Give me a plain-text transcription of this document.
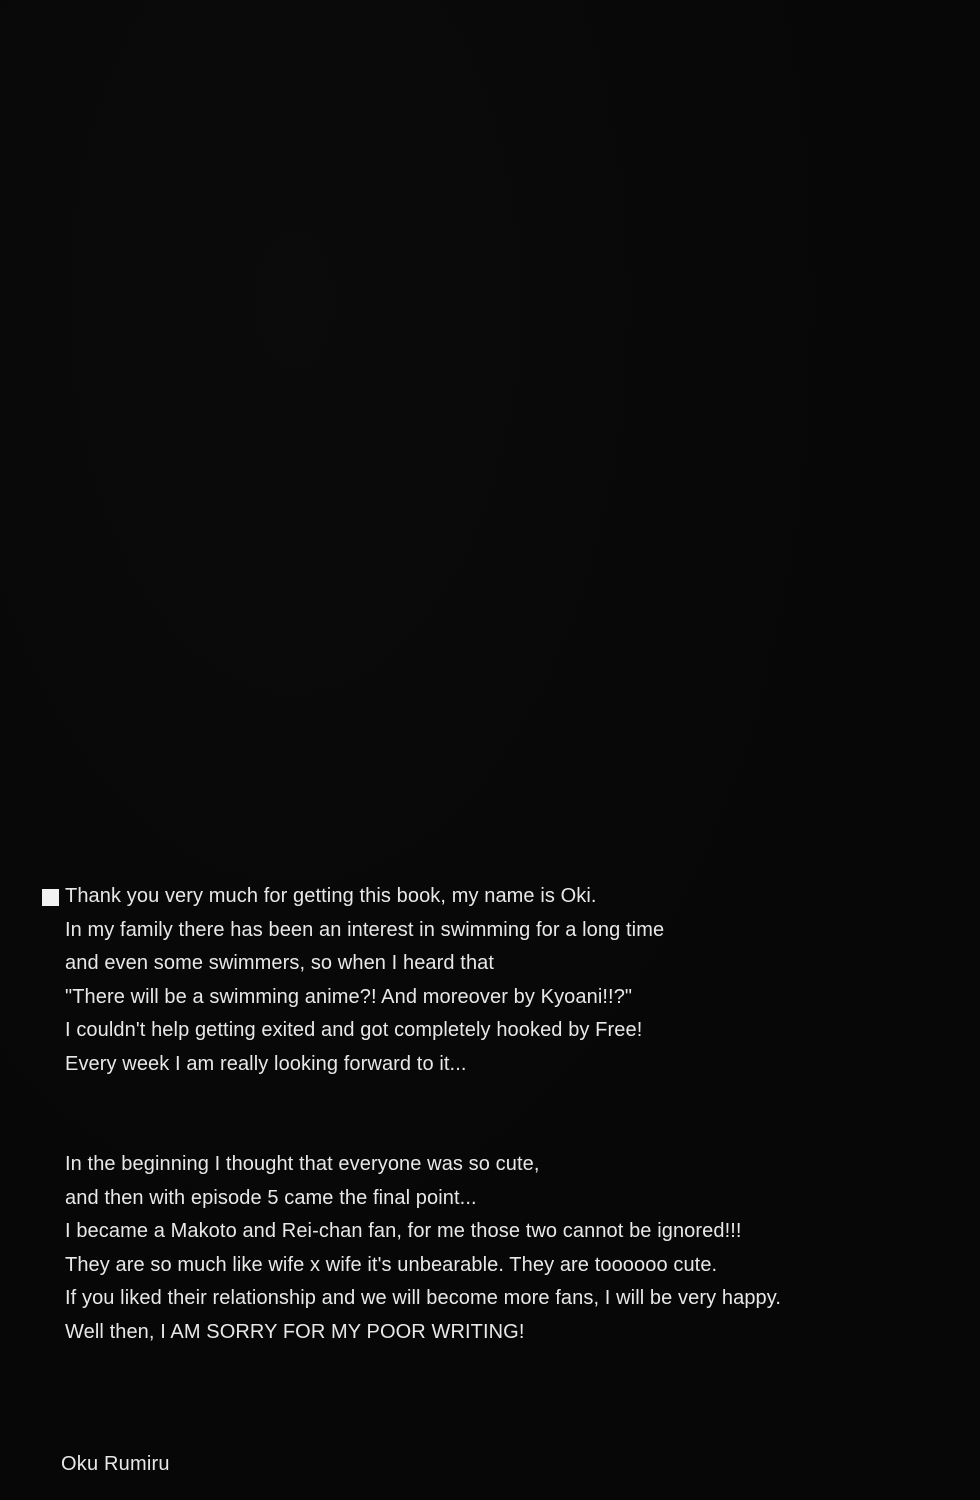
Thank you very much for getting this book, my name is Oki.
In my family there has been an interest in swimming for a long time
and even some swimmers, so when I heard that
"There will be a swimming anime?! And moreover by Kyoani!!?"
I couldn't help getting exited and got completely hooked by Free!
Every week I am really looking forward to it...

In the beginning I thought that everyone was so cute,
and then with episode 5 came the final point...
I became a Makoto and Rei-chan fan, for me those two cannot be ignored!!!
They are so much like wife x wife it's unbearable. They are toooooo cute.
If you liked their relationship and we will become more fans, I will be very happy.
Well then, I AM SORRY FOR MY POOR WRITING!

Oku Rumiru
